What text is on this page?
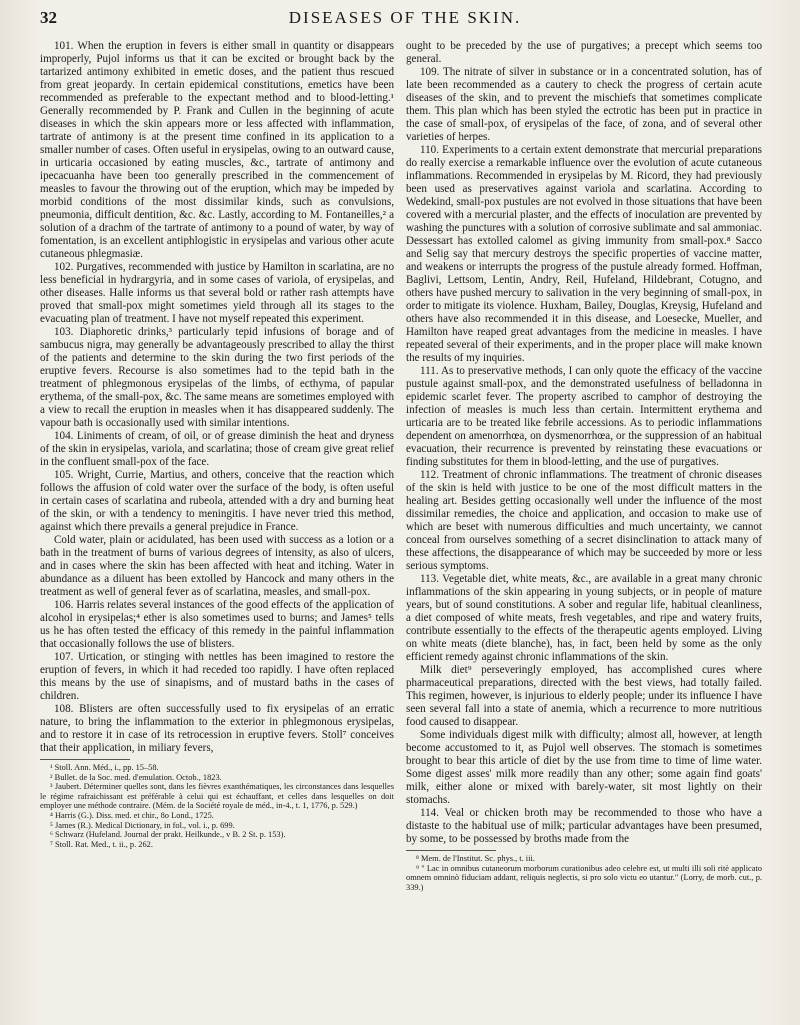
32	DISEASES OF THE SKIN.

101. When the eruption in fevers is either small in quantity or disappears improperly, Pujol informs us that it can be excited or brought back by the tartarized antimony exhibited in emetic doses, and the patient thus rescued from great jeopardy. In certain epidemical constitutions, emetics have been recommended as preferable to the expectant method and to blood-letting.¹ Generally recommended by P. Frank and Cullen in the beginning of acute diseases in which the skin appears more or less affected with inflammation, tartrate of antimony is at the present time confined in its application to a smaller number of cases. Often useful in erysipelas, owing to an outward cause, in urticaria occasioned by eating muscles, &c., tartrate of antimony and ipecacuanha have been too generally prescribed in the commencement of measles to favour the throwing out of the eruption, which may be impeded by morbid conditions of the most dissimilar kinds, such as convulsions, pneumonia, difficult dentition, &c. &c. Lastly, according to M. Fontaneilles,² a solution of a drachm of the tartrate of antimony to a pound of water, by way of fomentation, is an excellent antiphlogistic in erysipelas and various other acute cutaneous phlegmasiæ.

102. Purgatives, recommended with justice by Hamilton in scarlatina, are no less beneficial in hydrargyria, and in some cases of variola, of erysipelas, and other diseases. Halle informs us that several bold or rather rash attempts have proved that small-pox might sometimes yield through all its stages to the evacuating plan of treatment. I have not myself repeated this experiment.

103. Diaphoretic drinks,³ particularly tepid infusions of borage and of sambucus nigra, may generally be advantageously prescribed to allay the thirst of the patients and determine to the skin during the two first periods of the eruptive fevers. Recourse is also sometimes had to the tepid bath in the treatment of phlegmonous erysipelas of the limbs, of ecthyma, of papular erythema, of the small-pox, &c. The same means are sometimes employed with a view to recall the eruption in measles when it has disappeared suddenly. The vapour bath is occasionally used with similar intentions.

104. Liniments of cream, of oil, or of grease diminish the heat and dryness of the skin in erysipelas, variola, and scarlatina; those of cream give great relief in the confluent small-pox of the face.

105. Wright, Currie, Martius, and others, conceive that the reaction which follows the affusion of cold water over the surface of the body, is often useful in certain cases of scarlatina and rubeola, attended with a dry and burning heat of the skin, or with a tendency to meningitis. I have never tried this method, against which there prevails a general prejudice in France.

Cold water, plain or acidulated, has been used with success as a lotion or a bath in the treatment of burns of various degrees of intensity, as also of ulcers, and in cases where the skin has been affected with heat and itching. Water in abundance as a diluent has been extolled by Hancock and many others in the treatment as well of general fever as of scarlatina, measles, and small-pox.

106. Harris relates several instances of the good effects of the application of alcohol in erysipelas;⁴ ether is also sometimes used to burns; and James⁵ tells us he has often tested the efficacy of this remedy in the painful inflammation that occasionally follows the use of blisters.

107. Urtication, or stinging with nettles has been imagined to restore the eruption of fevers, in which it had receded too rapidly. I have often replaced this means by the use of sinapisms, and of mustard baths in the cases of children.

108. Blisters are often successfully used to fix erysipelas of an erratic nature, to bring the inflammation to the exterior in phlegmonous erysipelas, and to restore it in case of its retrocession in eruptive fevers. Stoll⁷ conceives that their application, in miliary fevers,

¹ Stoll. Ann. Méd., i., pp. 15–58.
² Bullet. de la Soc. med. d'emulation. Octob., 1823.
³ Jaubert. Déterminer quelles sont, dans les fièvres exanthématiques, les circonstances dans lesquelles le régime rafraichissant est préférable à celui qui est échauffant, et celles dans lesquelles on doit employer une méthode contraire. (Mém. de la Société royale de méd., in-4., t. 1, 1776, p. 529.)
⁴ Harris (G.). Diss. med. et chir., 8o Lond., 1725.
⁵ James (R.). Medical Dictionary, in fol., vol. i., p. 699.
⁶ Schwarz (Hufeland. Journal der prakt. Heilkunde., v B. 2 St. p. 153).
⁷ Stoll. Rat. Med., t. ii., p. 262.

ought to be preceded by the use of purgatives; a precept which seems too general.

109. The nitrate of silver in substance or in a concentrated solution, has of late been recommended as a cautery to check the progress of certain acute diseases of the skin, and to prevent the mischiefs that sometimes complicate them. This plan which has been styled the ectrotic has been put in practice in the case of small-pox, of erysipelas of the face, of zona, and of several other varieties of herpes.

110. Experiments to a certain extent demonstrate that mercurial preparations do really exercise a remarkable influence over the evolution of acute cutaneous inflammations. Recommended in erysipelas by M. Ricord, they had previously been used as preservatives against variola and scarlatina. According to Wedekind, small-pox pustules are not evolved in those situations that have been covered with a mercurial plaster, and the effects of inoculation are prevented by washing the punctures with a solution of corrosive sublimate and sal ammoniac. Dessessart has extolled calomel as giving immunity from small-pox.⁸ Sacco and Selig say that mercury destroys the specific properties of vaccine matter, and weakens or interrupts the progress of the pustule already formed. Hoffman, Baglivi, Lettsom, Lentin, Andry, Reil, Hufeland, Hildebrant, Cotugno, and others have pushed mercury to salivation in the very beginning of small-pox, in order to mitigate its violence. Huxham, Bailey, Douglas, Kreysig, Hufeland and others have also recommended it in this disease, and Loesecke, Mueller, and Hamilton have reaped great advantages from the medicine in measles. I have repeated several of their experiments, and in the proper place will make known the results of my inquiries.

111. As to preservative methods, I can only quote the efficacy of the vaccine pustule against small-pox, and the demonstrated usefulness of belladonna in epidemic scarlet fever. The property ascribed to camphor of destroying the infection of measles is much less than certain. Intermittent erythema and urticaria are to be treated like febrile accessions. As to periodic inflammations dependent on amenorrhœa, on dysmenorrhœa, or the suppression of an habitual evacuation, their recurrence is prevented by reinstating these evacuations or finding substitutes for them in blood-letting, and the use of purgatives.

112. Treatment of chronic inflammations. The treatment of chronic diseases of the skin is held with justice to be one of the most difficult matters in the healing art. Besides getting occasionally well under the influence of the most dissimilar remedies, the choice and application, and occasion to make use of which are beset with numerous difficulties and much uncertainty, we cannot conceal from ourselves something of a secret disinclination to attack many of these affections, the disappearance of which may be succeeded by more or less serious symptoms.

113. Vegetable diet, white meats, &c., are available in a great many chronic inflammations of the skin appearing in young subjects, or in people of mature years, but of sound constitutions. A sober and regular life, habitual cleanliness, a diet composed of white meats, fresh vegetables, and ripe and watery fruits, contribute essentially to the effects of the therapeutic agents employed. Living on white meats (diete blanche), has, in fact, been held by some as the only efficient remedy against chronic inflammations of the skin.

Milk diet⁹ perseveringly employed, has accomplished cures where pharmaceutical preparations, directed with the best views, had totally failed. This regimen, however, is injurious to elderly people; under its influence I have seen several fall into a state of anemia, which a recurrence to more nutritious food caused to disappear.

Some individuals digest milk with difficulty; almost all, however, at length become accustomed to it, as Pujol well observes. The stomach is sometimes brought to bear this article of diet by the use from time to time of lime water. Some digest asses' milk more readily than any other; some again find goats' milk, either alone or mixed with barely-water, sit most lightly on their stomachs.

114. Veal or chicken broth may be recommended to those who have a distaste to the habitual use of milk; particular advantages have been presumed, by some, to be possessed by broths made from the

⁸ Mem. de l'Institut. Sc. phys., t. iii.
⁹ " Lac in omnibus cutaneorum morborum curationibus adeo celebre est, ut multi illi soli ritè applicato omnem omninò fiduciam addant, reliquis neglectis, si pro solo victu eo utantur." (Lorry, de morb. cut., p. 339.)
